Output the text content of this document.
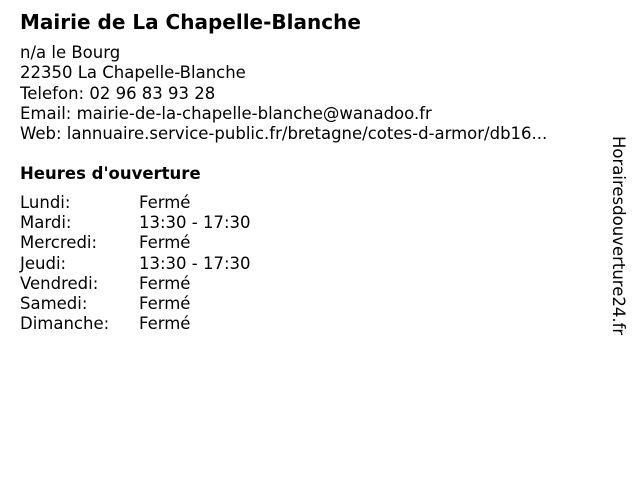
Mairie de La Chapelle-Blanche
n/a le Bourg
22350 La Chapelle-Blanche
Telefon: 02 96 83 93 28
Email: mairie-de-la-chapelle-blanche@wanadoo.fr
Web: lannuaire.service-public.fr/bretagne/cotes-d-armor/db16...
Heures d'ouverture
Lundi:	Fermé
Mardi:	13:30 - 17:30
Mercredi:	Fermé
Jeudi:	13:30 - 17:30
Vendredi: Fermé
Samedi:	Fermé
Dimanche: Fermé	Horairesdouverture24.fr
